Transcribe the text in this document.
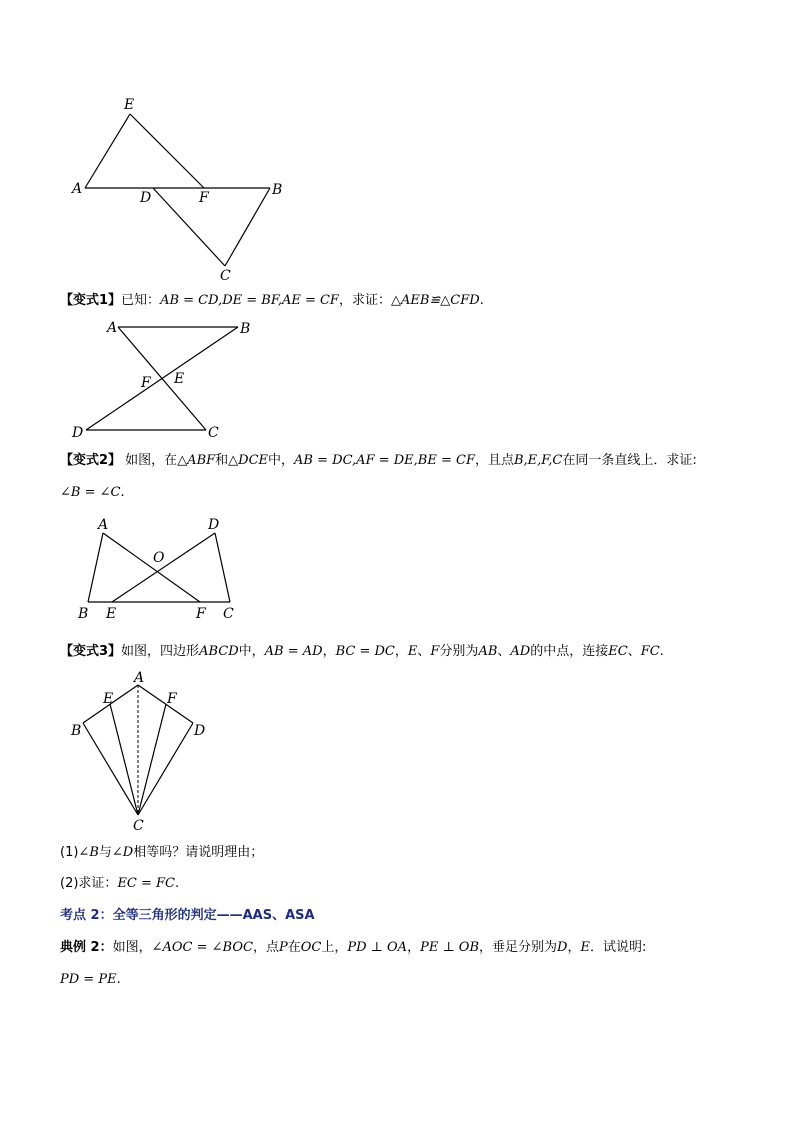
E
A
D	F	B
C
【变式1】已知：AB = CD,DE = BF,AE = CF，求证：△AEB≌△CFD.
A	B
F E
D	C
【变式2】 如图，在△ABF和△DCE中，AB = DC,AF = DE,BE = CF，且点B,E,F,C在同一条直线上．求证:
∠B = ∠C.
A	D
O
B E	F C
【变式3】如图，四边形ABCD中，AB = AD，BC = DC，E、F分别为AB、AD的中点，连接EC、FC.
A
E	F
B	D
C
(1)∠B与∠D相等吗？请说明理由；
(2)求证：EC = FC.
考点 2：全等三角形的判定——AAS、ASA
典例 2：如图，∠AOC = ∠BOC，点P在OC上，PD ⊥ OA，PE ⊥ OB，垂足分别为D，E．试说明:
PD = PE.
